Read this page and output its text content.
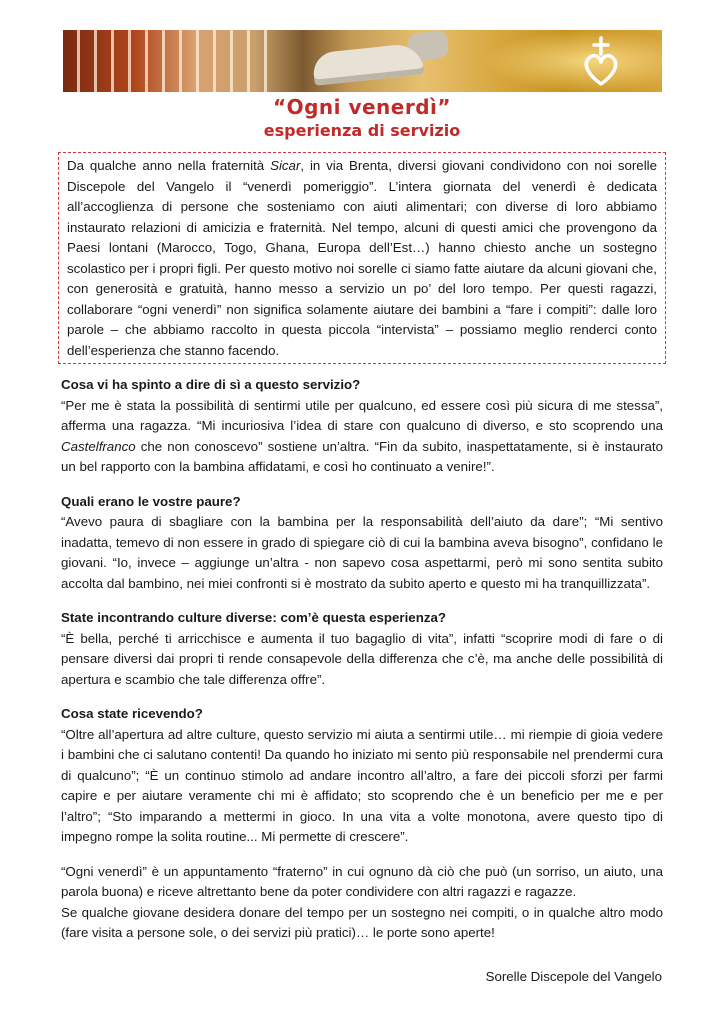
“Ogni venerdì”
esperienza di servizio

Da qualche anno nella fraternità Sicar, in via Brenta, diversi giovani condividono con noi sorelle Discepole del Vangelo il “venerdì pomeriggio”. L’intera giornata del venerdì è dedicata all’accoglienza di persone che sosteniamo con aiuti alimentari; con diverse di loro abbiamo instaurato relazioni di amicizia e fraternità. Nel tempo, alcuni di questi amici che provengono da Paesi lontani (Marocco, Togo, Ghana, Europa dell’Est…) hanno chiesto anche un sostegno scolastico per i propri figli. Per questo motivo noi sorelle ci siamo fatte aiutare da alcuni giovani che, con generosità e gratuità, hanno messo a servizio un po’ del loro tempo. Per questi ragazzi, collaborare “ogni venerdì” non significa solamente aiutare dei bambini a “fare i compiti”: dalle loro parole – che abbiamo raccolto in questa piccola “intervista” – possiamo meglio renderci conto dell’esperienza che stanno facendo.

Cosa vi ha spinto a dire di sì a questo servizio?

“Per me è stata la possibilità di sentirmi utile per qualcuno, ed essere così più sicura di me stessa”, afferma una ragazza. “Mi incuriosiva l’idea di stare con qualcuno di diverso, e sto scoprendo una Castelfranco che non conoscevo” sostiene un’altra. “Fin da subito, inaspettatamente, si è instaurato un bel rapporto con la bambina affidatami, e così ho continuato a venire!”.

Quali erano le vostre paure?

“Avevo paura di sbagliare con la bambina per la responsabilità dell’aiuto da dare”; “Mi sentivo inadatta, temevo di non essere in grado di spiegare ciò di cui la bambina aveva bisogno”, confidano le giovani. “Io, invece – aggiunge un’altra - non sapevo cosa aspettarmi, però mi sono sentita subito accolta dal bambino, nei miei confronti si è mostrato da subito aperto e questo mi ha tranquillizzata”.

State incontrando culture diverse: com’è questa esperienza?

“È bella, perché ti arricchisce e aumenta il tuo bagaglio di vita”, infatti “scoprire modi di fare o di pensare diversi dai propri ti rende consapevole della differenza che c’è, ma anche delle possibilità di apertura e scambio che tale differenza offre”.

Cosa state ricevendo?

“Oltre all’apertura ad altre culture, questo servizio mi aiuta a sentirmi utile… mi riempie di gioia vedere i bambini che ci salutano contenti! Da quando ho iniziato mi sento più responsabile nel prendermi cura di qualcuno”; “È un continuo stimolo ad andare incontro all’altro, a fare dei piccoli sforzi per farmi capire e per aiutare veramente chi mi è affidato; sto scoprendo che è un beneficio per me e per l’altro”; “Sto imparando a mettermi in gioco. In una vita a volte monotona, avere questo tipo di impegno rompe la solita routine... Mi permette di crescere”.

“Ogni venerdì” è un appuntamento “fraterno” in cui ognuno dà ciò che può (un sorriso, un aiuto, una parola buona) e riceve altrettanto bene da poter condividere con altri ragazzi e ragazze.

Se qualche giovane desidera donare del tempo per un sostegno nei compiti, o in qualche altro modo (fare visita a persone sole, o dei servizi più pratici)… le porte sono aperte!

Sorelle Discepole del Vangelo
